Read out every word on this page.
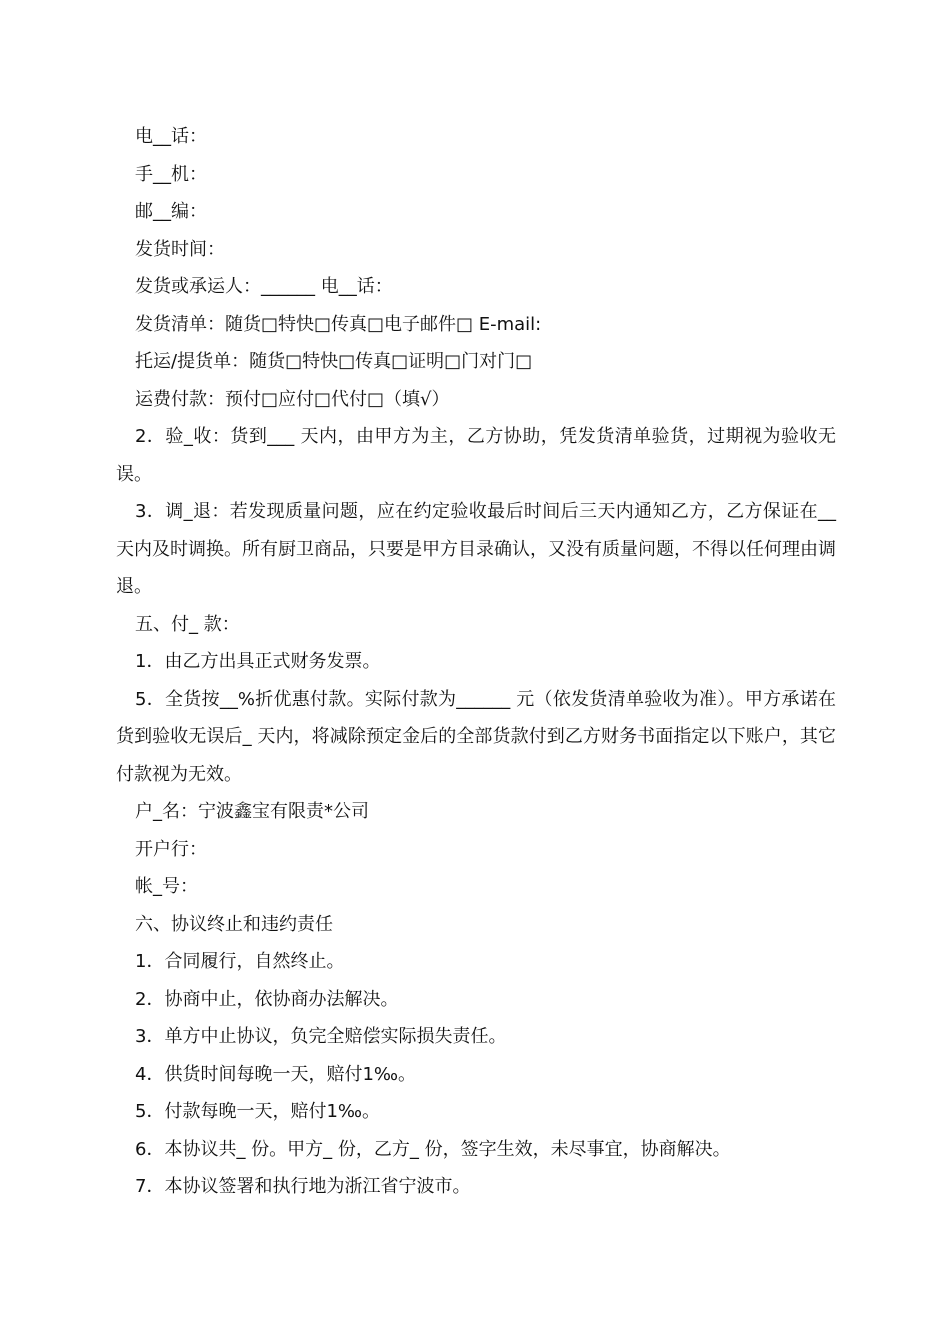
电__话：

手__机：

邮__编：

发货时间：

发货或承运人：______ 电__话：

发货清单：随货□特快□传真□电子邮件□ E-mail:

托运/提货单：随货□特快□传真□证明□门对门□

运费付款：预付□应付□代付□（填√）

2．验_收：货到___ 天内，由甲方为主，乙方协助，凭发货清单验货，过期视为验收无误。

3．调_退：若发现质量问题，应在约定验收最后时间后三天内通知乙方，乙方保证在__ 天内及时调换。所有厨卫商品，只要是甲方目录确认，又没有质量问题，不得以任何理由调退。

五、付_ 款：

1．由乙方出具正式财务发票。

5．全货按__%折优惠付款。实际付款为______ 元（依发货清单验收为准）。甲方承诺在货到验收无误后_ 天内，将减除预定金后的全部货款付到乙方财务书面指定以下账户，其它付款视为无效。

户_名：宁波鑫宝有限责*公司

开户行：

帐_号：

六、协议终止和违约责任

1．合同履行，自然终止。

2．协商中止，依协商办法解决。

3．单方中止协议，负完全赔偿实际损失责任。

4．供货时间每晚一天，赔付1‰。

5．付款每晚一天，赔付1‰。

6．本协议共_ 份。甲方_ 份，乙方_ 份，签字生效，未尽事宜，协商解决。

7．本协议签署和执行地为浙江省宁波市。
